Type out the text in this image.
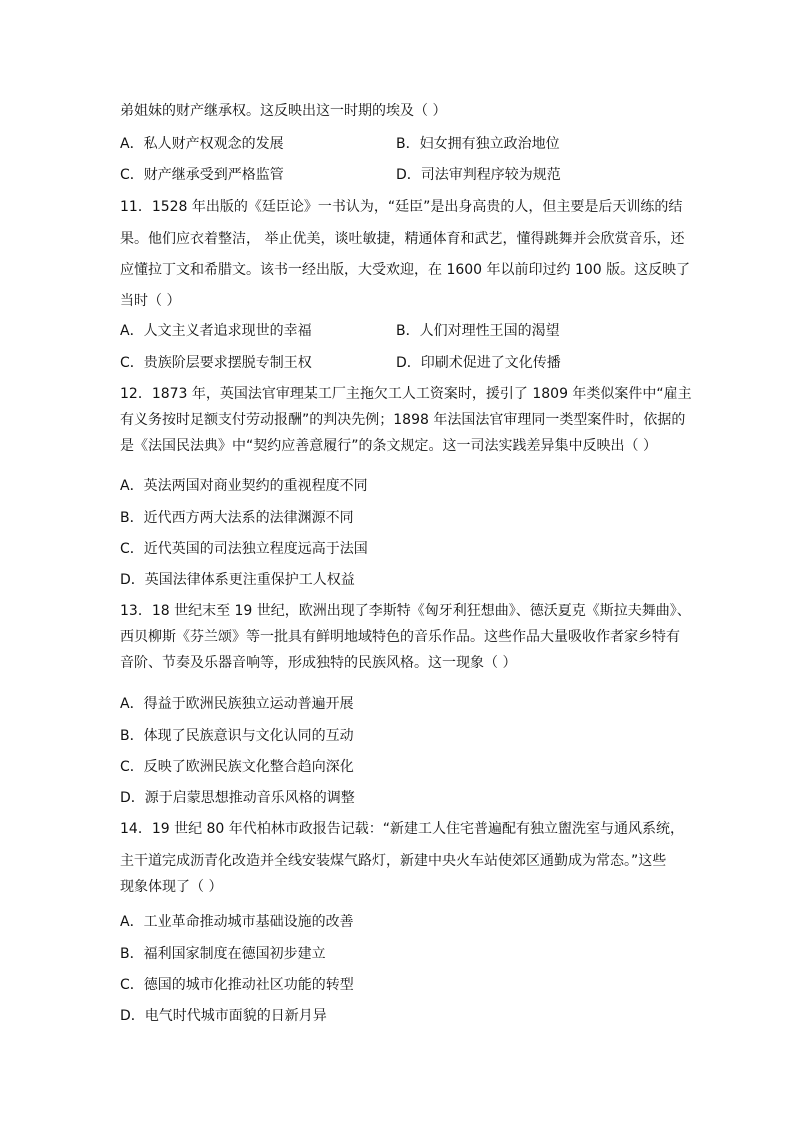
弟姐妹的财产继承权。这反映出这一时期的埃及（ ）
A．私人财产权观念的发展	B．妇女拥有独立政治地位
C．财产继承受到严格监管	D．司法审判程序较为规范
11．1528 年出版的《廷臣论》一书认为，“廷臣”是出身高贵的人，但主要是后天训练的结
果。他们应衣着整洁， 举止优美，谈吐敏捷，精通体育和武艺，懂得跳舞并会欣赏音乐，还
应懂拉丁文和希腊文。该书一经出版，大受欢迎，在 1600 年以前印过约 100 版。这反映了
当时（ ）
A．人文主义者追求现世的幸福	B．人们对理性王国的渴望
C．贵族阶层要求摆脱专制王权	D．印刷术促进了文化传播
12．1873 年，英国法官审理某工厂主拖欠工人工资案时，援引了 1809 年类似案件中“雇主
有义务按时足额支付劳动报酬”的判决先例；1898 年法国法官审理同一类型案件时，依据的
是《法国民法典》中“契约应善意履行”的条文规定。这一司法实践差异集中反映出（ ）
A．英法两国对商业契约的重视程度不同
B．近代西方两大法系的法律渊源不同
C．近代英国的司法独立程度远高于法国
D．英国法律体系更注重保护工人权益
13．18 世纪末至 19 世纪，欧洲出现了李斯特《匈牙利狂想曲》、德沃夏克《斯拉夫舞曲》、
西贝柳斯《芬兰颂》等一批具有鲜明地域特色的音乐作品。这些作品大量吸收作者家乡特有
音阶、节奏及乐器音响等，形成独特的民族风格。这一现象（ ）
A．得益于欧洲民族独立运动普遍开展
B．体现了民族意识与文化认同的互动
C．反映了欧洲民族文化整合趋向深化
D．源于启蒙思想推动音乐风格的调整
14．19 世纪 80 年代柏林市政报告记载：“新建工人住宅普遍配有独立盥洗室与通风系统，
主干道完成沥青化改造并全线安装煤气路灯，新建中央火车站使郊区通勤成为常态。”这些
现象体现了（ ）
A．工业革命推动城市基础设施的改善
B．福利国家制度在德国初步建立
C．德国的城市化推动社区功能的转型
D．电气时代城市面貌的日新月异
